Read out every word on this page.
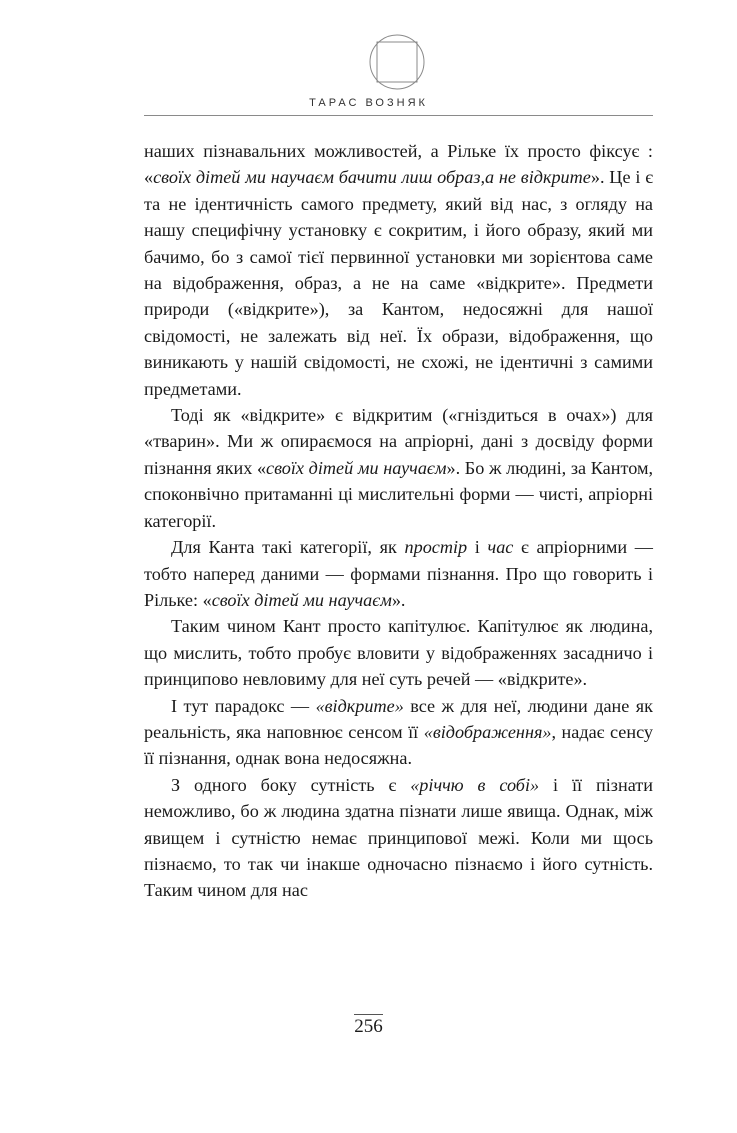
ТАРАС ВОЗНЯК

наших пізнавальних можливостей, а Рільке їх просто фіксує : «своїх дітей ми научаєм бачити лиш образ,а не відкрите». Це і є та не ідентичність самого предмету, який від нас, з огляду на нашу специфічну установку є сокритим, і його образу, який ми бачимо, бо з самої тієї первинної установки ми зорієнтова саме на відображення, образ, а не на саме «відкрите». Предмети природи («відкрите»), за Кантом, недосяжні для нашої свідомості, не залежать від неї. Їх образи, відображення, що виникають у нашій свідомості, не схожі, не ідентичні з самими предметами.

Тоді як «відкрите» є відкритим («гніздиться в очах») для «тварин». Ми ж опираємося на апріорні, дані з досвіду форми пізнання яких «своїх дітей ми научаєм». Бо ж людині, за Кантом, споконвічно притаманні ці мислительні форми — чисті, апріорні категорії.

Для Канта такі категорії, як простір і час є апріорними — тобто наперед даними — формами пізнання. Про що говорить і Рільке: «своїх дітей ми научаєм».

Таким чином Кант просто капітулює. Капітулює як людина, що мислить, тобто пробує вловити у відображеннях засадничо і принципово невловиму для неї суть речей — «відкрите».

І тут парадокс — «відкрите» все ж для неї, людини дане як реальність, яка наповнює сенсом її «відображення», надає сенсу її пізнання, однак вона недосяжна.

З одного боку сутність є «річчю в собі» і її пізнати неможливо, бо ж людина здатна пізнати лише явища. Однак, між явищем і сутністю немає принципової межі. Коли ми щось пізнаємо, то так чи інакше одночасно пізнаємо і його сутність. Таким чином для нас

256
